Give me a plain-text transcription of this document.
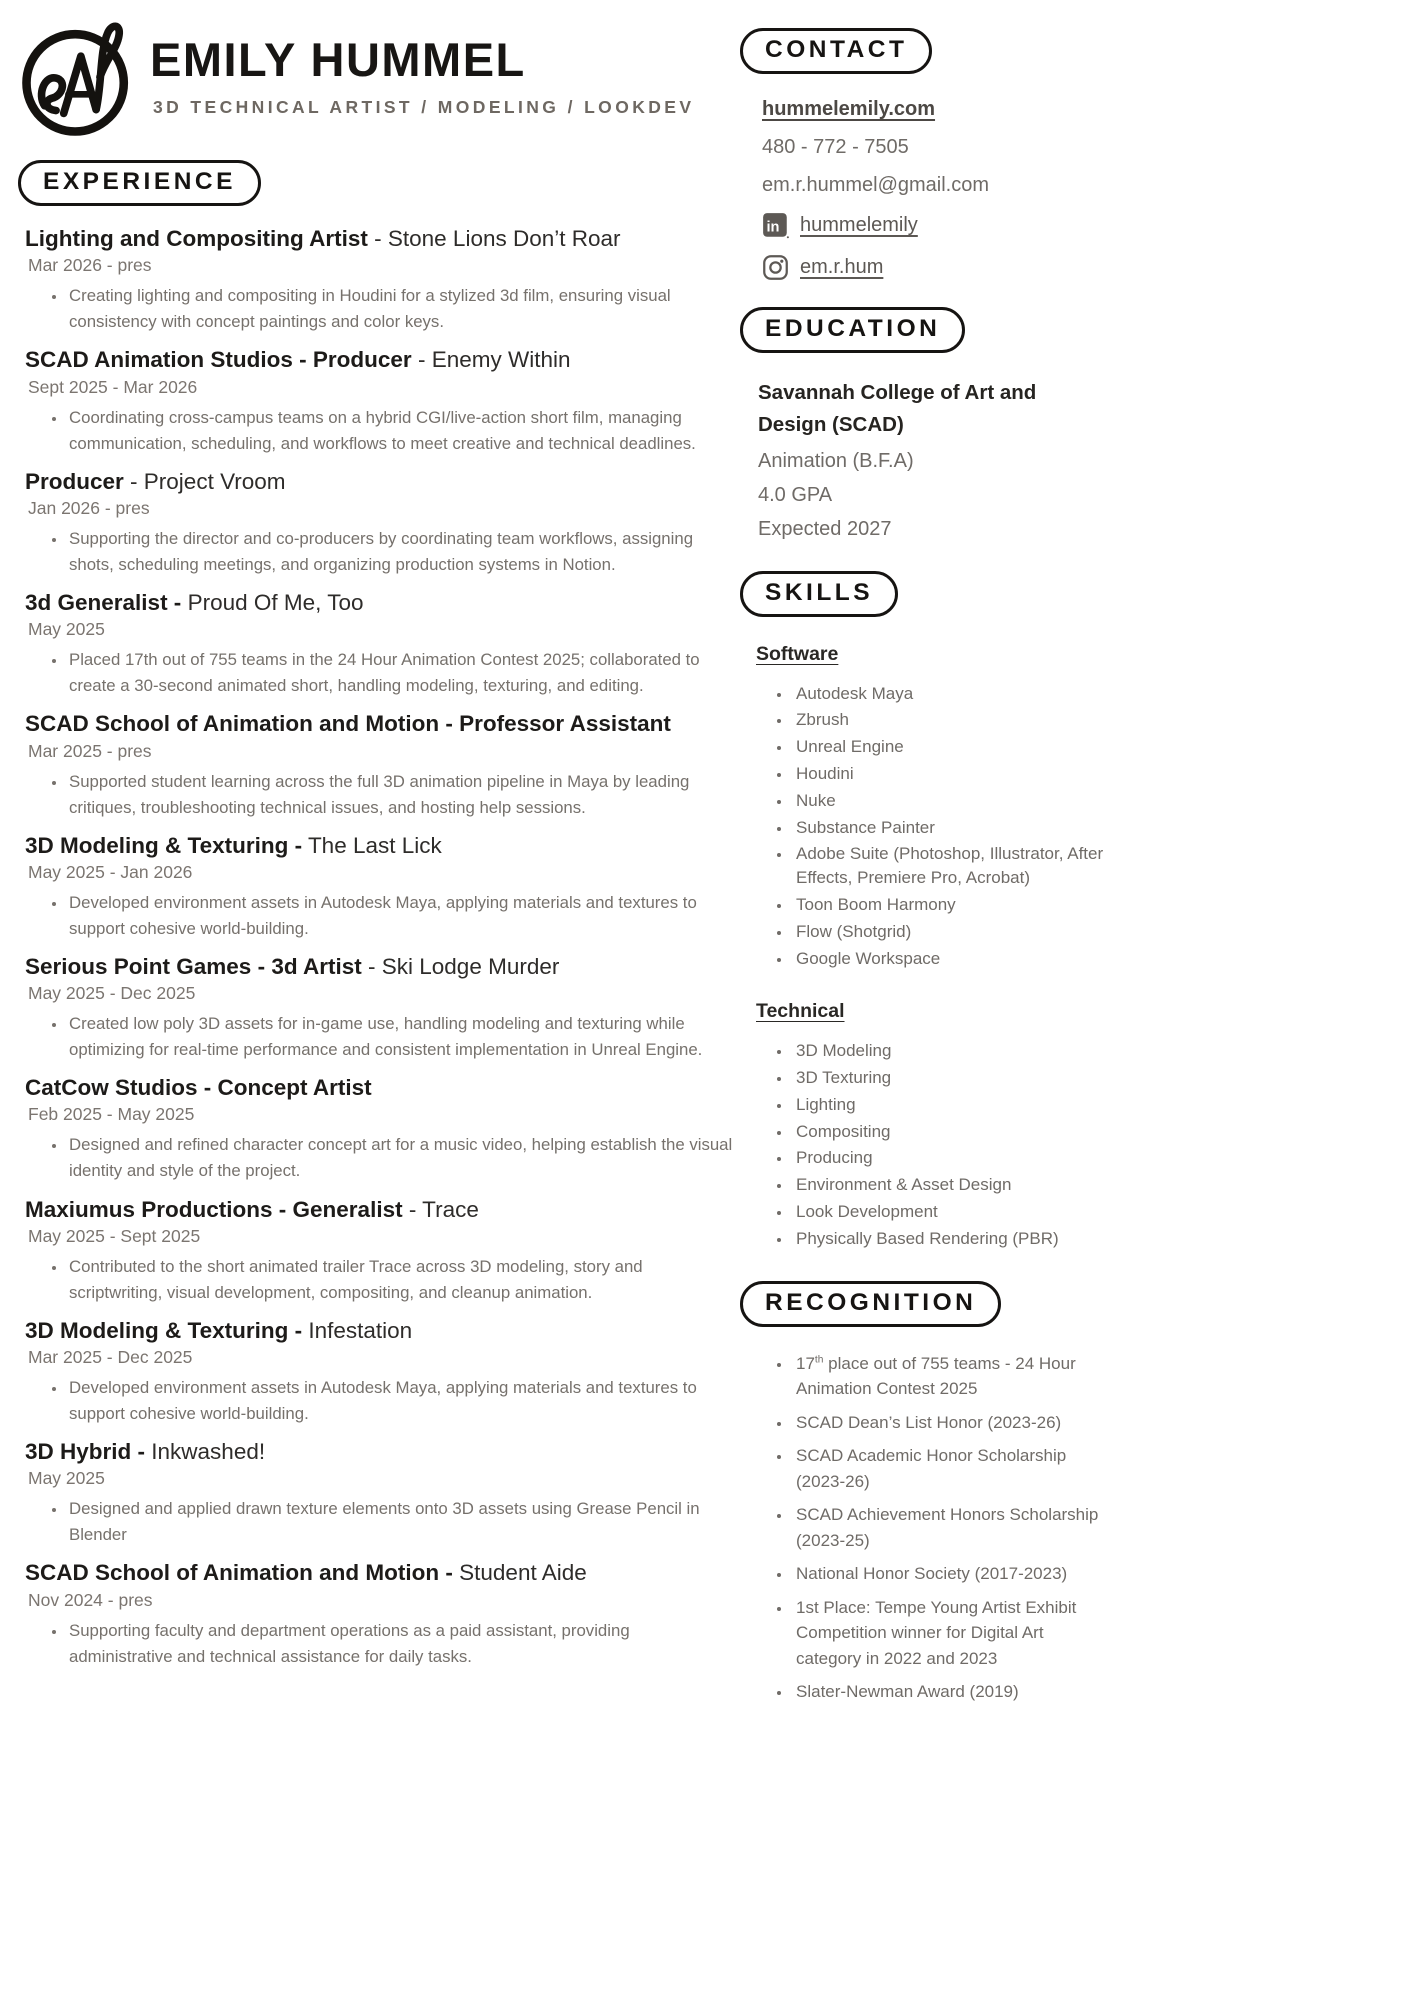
EMILY HUMMEL
3D TECHNICAL ARTIST / MODELING / LOOKDEV
EXPERIENCE
Lighting and Compositing Artist - Stone Lions Don’t Roar
Mar 2026 - pres
• Creating lighting and compositing in Houdini for a stylized 3d film, ensuring visual consistency with concept paintings and color keys.
SCAD Animation Studios - Producer - Enemy Within
Sept 2025 - Mar 2026
• Coordinating cross-campus teams on a hybrid CGI/live-action short film, managing communication, scheduling, and workflows to meet creative and technical deadlines.
Producer - Project Vroom
Jan 2026 - pres
• Supporting the director and co-producers by coordinating team workflows, assigning shots, scheduling meetings, and organizing production systems in Notion.
3d Generalist - Proud Of Me, Too
May 2025
• Placed 17th out of 755 teams in the 24 Hour Animation Contest 2025; collaborated to create a 30-second animated short, handling modeling, texturing, and editing.
SCAD School of Animation and Motion - Professor Assistant
Mar 2025 - pres
• Supported student learning across the full 3D animation pipeline in Maya by leading critiques, troubleshooting technical issues, and hosting help sessions.
3D Modeling & Texturing - The Last Lick
May 2025 - Jan 2026
• Developed environment assets in Autodesk Maya, applying materials and textures to support cohesive world-building.
Serious Point Games - 3d Artist - Ski Lodge Murder
May 2025 - Dec 2025
• Created low poly 3D assets for in-game use, handling modeling and texturing while optimizing for real-time performance and consistent implementation in Unreal Engine.
CatCow Studios - Concept Artist
Feb 2025 - May 2025
• Designed and refined character concept art for a music video, helping establish the visual identity and style of the project.
Maxiumus Productions - Generalist - Trace
May 2025 - Sept 2025
• Contributed to the short animated trailer Trace across 3D modeling, story and scriptwriting, visual development, compositing, and cleanup animation.
3D Modeling & Texturing - Infestation
Mar 2025 - Dec 2025
• Developed environment assets in Autodesk Maya, applying materials and textures to support cohesive world-building.
3D Hybrid - Inkwashed!
May 2025
• Designed and applied drawn texture elements onto 3D assets using Grease Pencil in Blender
SCAD School of Animation and Motion - Student Aide
Nov 2024 - pres
• Supporting faculty and department operations as a paid assistant, providing administrative and technical assistance for daily tasks.
CONTACT
hummelemily.com
480 - 772 - 7505
em.r.hummel@gmail.com
in hummelemily
em.r.hum
EDUCATION
Savannah College of Art and Design (SCAD)
Animation (B.F.A)
4.0 GPA
Expected 2027
SKILLS
Software
• Autodesk Maya
• Zbrush
• Unreal Engine
• Houdini
• Nuke
• Substance Painter
• Adobe Suite (Photoshop, Illustrator, After Effects, Premiere Pro, Acrobat)
• Toon Boom Harmony
• Flow (Shotgrid)
• Google Workspace
Technical
• 3D Modeling
• 3D Texturing
• Lighting
• Compositing
• Producing
• Environment & Asset Design
• Look Development
• Physically Based Rendering (PBR)
RECOGNITION
• 17th place out of 755 teams - 24 Hour Animation Contest 2025
• SCAD Dean’s List Honor (2023-26)
• SCAD Academic Honor Scholarship (2023-26)
• SCAD Achievement Honors Scholarship (2023-25)
• National Honor Society (2017-2023)
• 1st Place: Tempe Young Artist Exhibit Competition winner for Digital Art category in 2022 and 2023
• Slater-Newman Award (2019)
